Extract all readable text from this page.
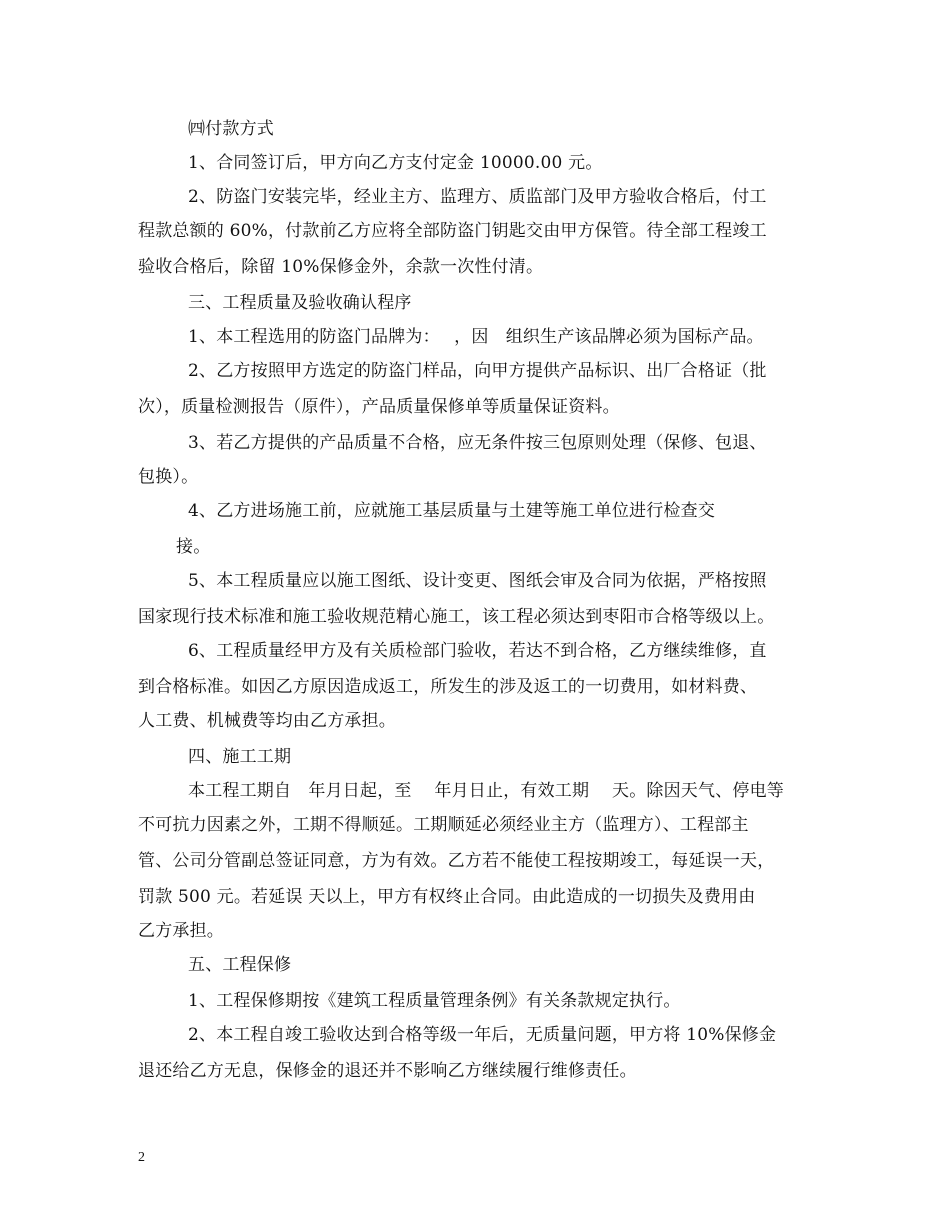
㈣付款方式
1、合同签订后，甲方向乙方支付定金 10000.00 元。
2、防盗门安装完毕，经业主方、监理方、质监部门及甲方验收合格后，付工
程款总额的 60%，付款前乙方应将全部防盗门钥匙交由甲方保管。待全部工程竣工
验收合格后，除留 10%保修金外，余款一次性付清。
三、工程质量及验收确认程序
1、本工程选用的防盗门品牌为：　 ，因　组织生产该品牌必须为国标产品。
2、乙方按照甲方选定的防盗门样品，向甲方提供产品标识、出厂合格证（批
次），质量检测报告（原件），产品质量保修单等质量保证资料。
3、若乙方提供的产品质量不合格，应无条件按三包原则处理（保修、包退、
包换）。
4、乙方进场施工前，应就施工基层质量与土建等施工单位进行检查交
接。
5、本工程质量应以施工图纸、设计变更、图纸会审及合同为依据，严格按照
国家现行技术标准和施工验收规范精心施工，该工程必须达到枣阳市合格等级以上。
6、工程质量经甲方及有关质检部门验收，若达不到合格，乙方继续维修，直
到合格标准。如因乙方原因造成返工，所发生的涉及返工的一切费用，如材料费、
人工费、机械费等均由乙方承担。
四、施工工期
本工程工期自　年月日起，至　 年月日止，有效工期　 天。除因天气、停电等
不可抗力因素之外，工期不得顺延。工期顺延必须经业主方（监理方）、工程部主
管、公司分管副总签证同意，方为有效。乙方若不能使工程按期竣工，每延误一天，
罚款 500 元。若延误 天以上，甲方有权终止合同。由此造成的一切损失及费用由
乙方承担。
五、工程保修
1、工程保修期按《建筑工程质量管理条例》有关条款规定执行。
2、本工程自竣工验收达到合格等级一年后，无质量问题，甲方将 10%保修金
退还给乙方无息，保修金的退还并不影响乙方继续履行维修责任。
2
